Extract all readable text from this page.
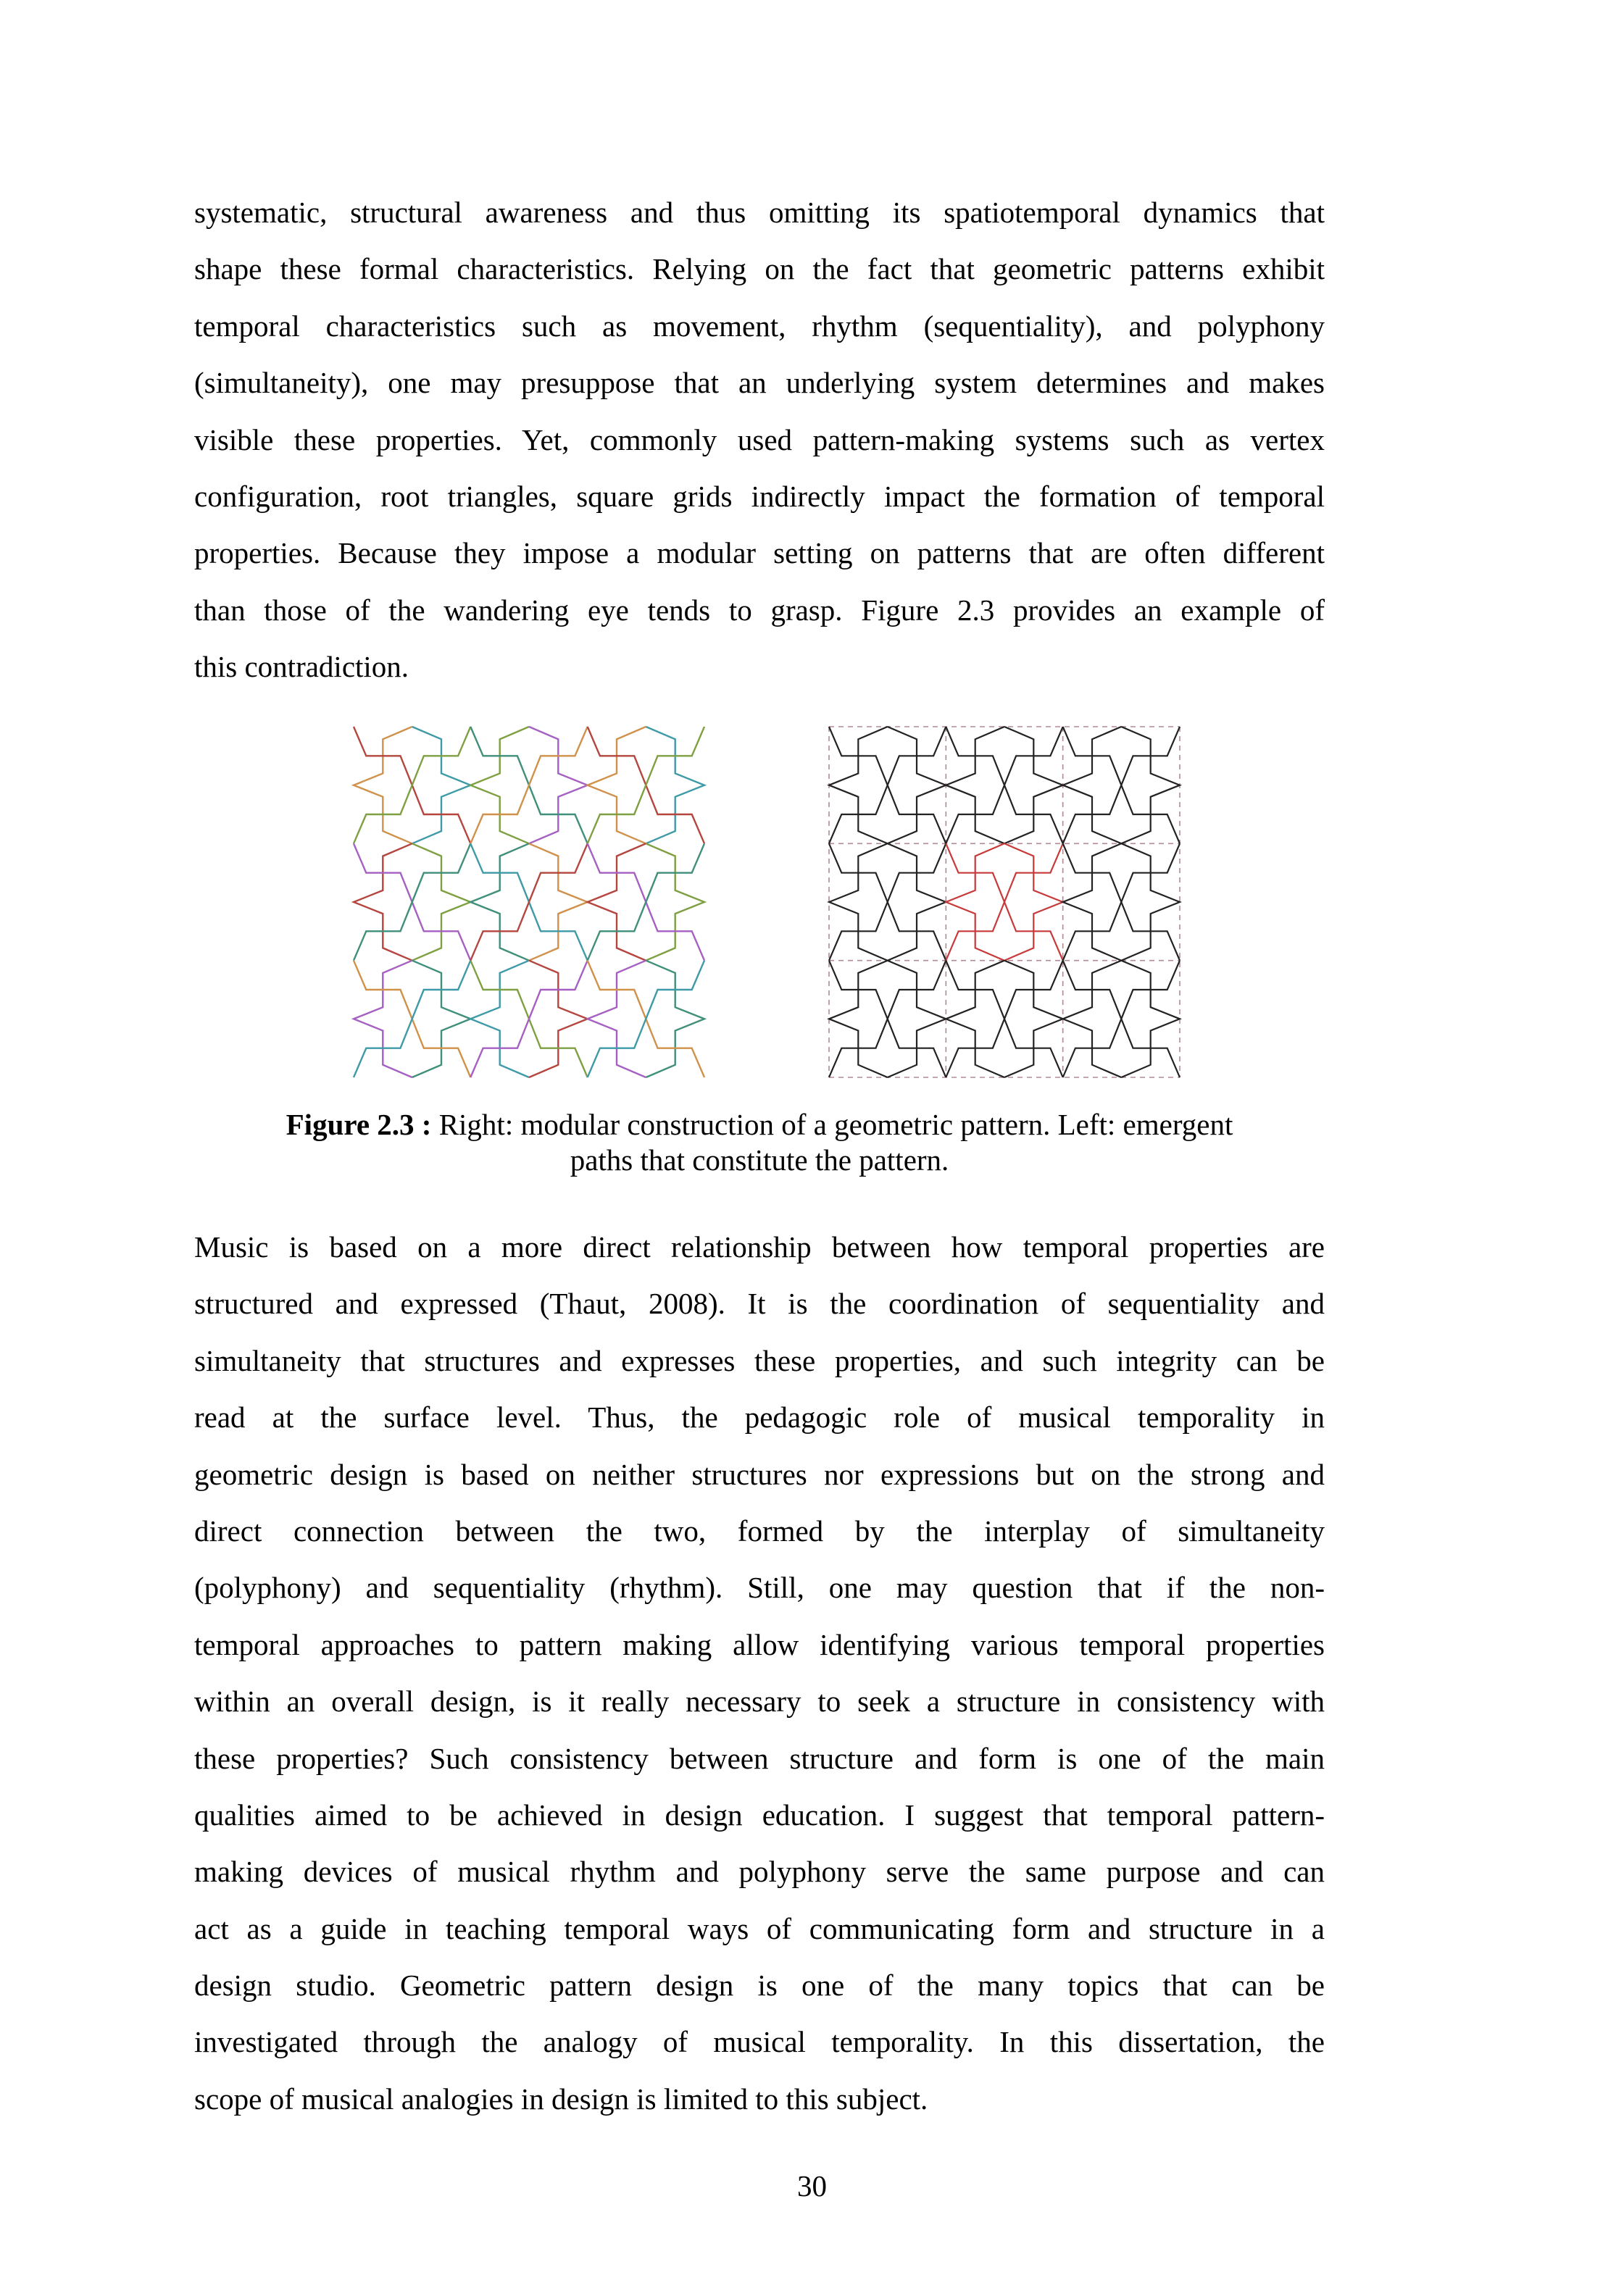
systematic, structural awareness and thus omitting its spatiotemporal dynamics that
shape these formal characteristics. Relying on the fact that geometric patterns exhibit
temporal characteristics such as movement, rhythm (sequentiality), and polyphony
(simultaneity), one may presuppose that an underlying system determines and makes
visible these properties. Yet, commonly used pattern-making systems such as vertex
configuration, root triangles, square grids indirectly impact the formation of temporal
properties. Because they impose a modular setting on patterns that are often different
than those of the wandering eye tends to grasp. Figure 2.3 provides an example of
this contradiction.
Figure 2.3 : Right: modular construction of a geometric pattern. Left: emergent
paths that constitute the pattern.
Music is based on a more direct relationship between how temporal properties are
structured and expressed (Thaut, 2008). It is the coordination of sequentiality and
simultaneity that structures and expresses these properties, and such integrity can be
read at the surface level. Thus, the pedagogic role of musical temporality in
geometric design is based on neither structures nor expressions but on the strong and
direct connection between the two, formed by the interplay of simultaneity
(polyphony) and sequentiality (rhythm). Still, one may question that if the non-
temporal approaches to pattern making allow identifying various temporal properties
within an overall design, is it really necessary to seek a structure in consistency with
these properties? Such consistency between structure and form is one of the main
qualities aimed to be achieved in design education. I suggest that temporal pattern-
making devices of musical rhythm and polyphony serve the same purpose and can
act as a guide in teaching temporal ways of communicating form and structure in a
design studio. Geometric pattern design is one of the many topics that can be
investigated through the analogy of musical temporality. In this dissertation, the
scope of musical analogies in design is limited to this subject.
30
